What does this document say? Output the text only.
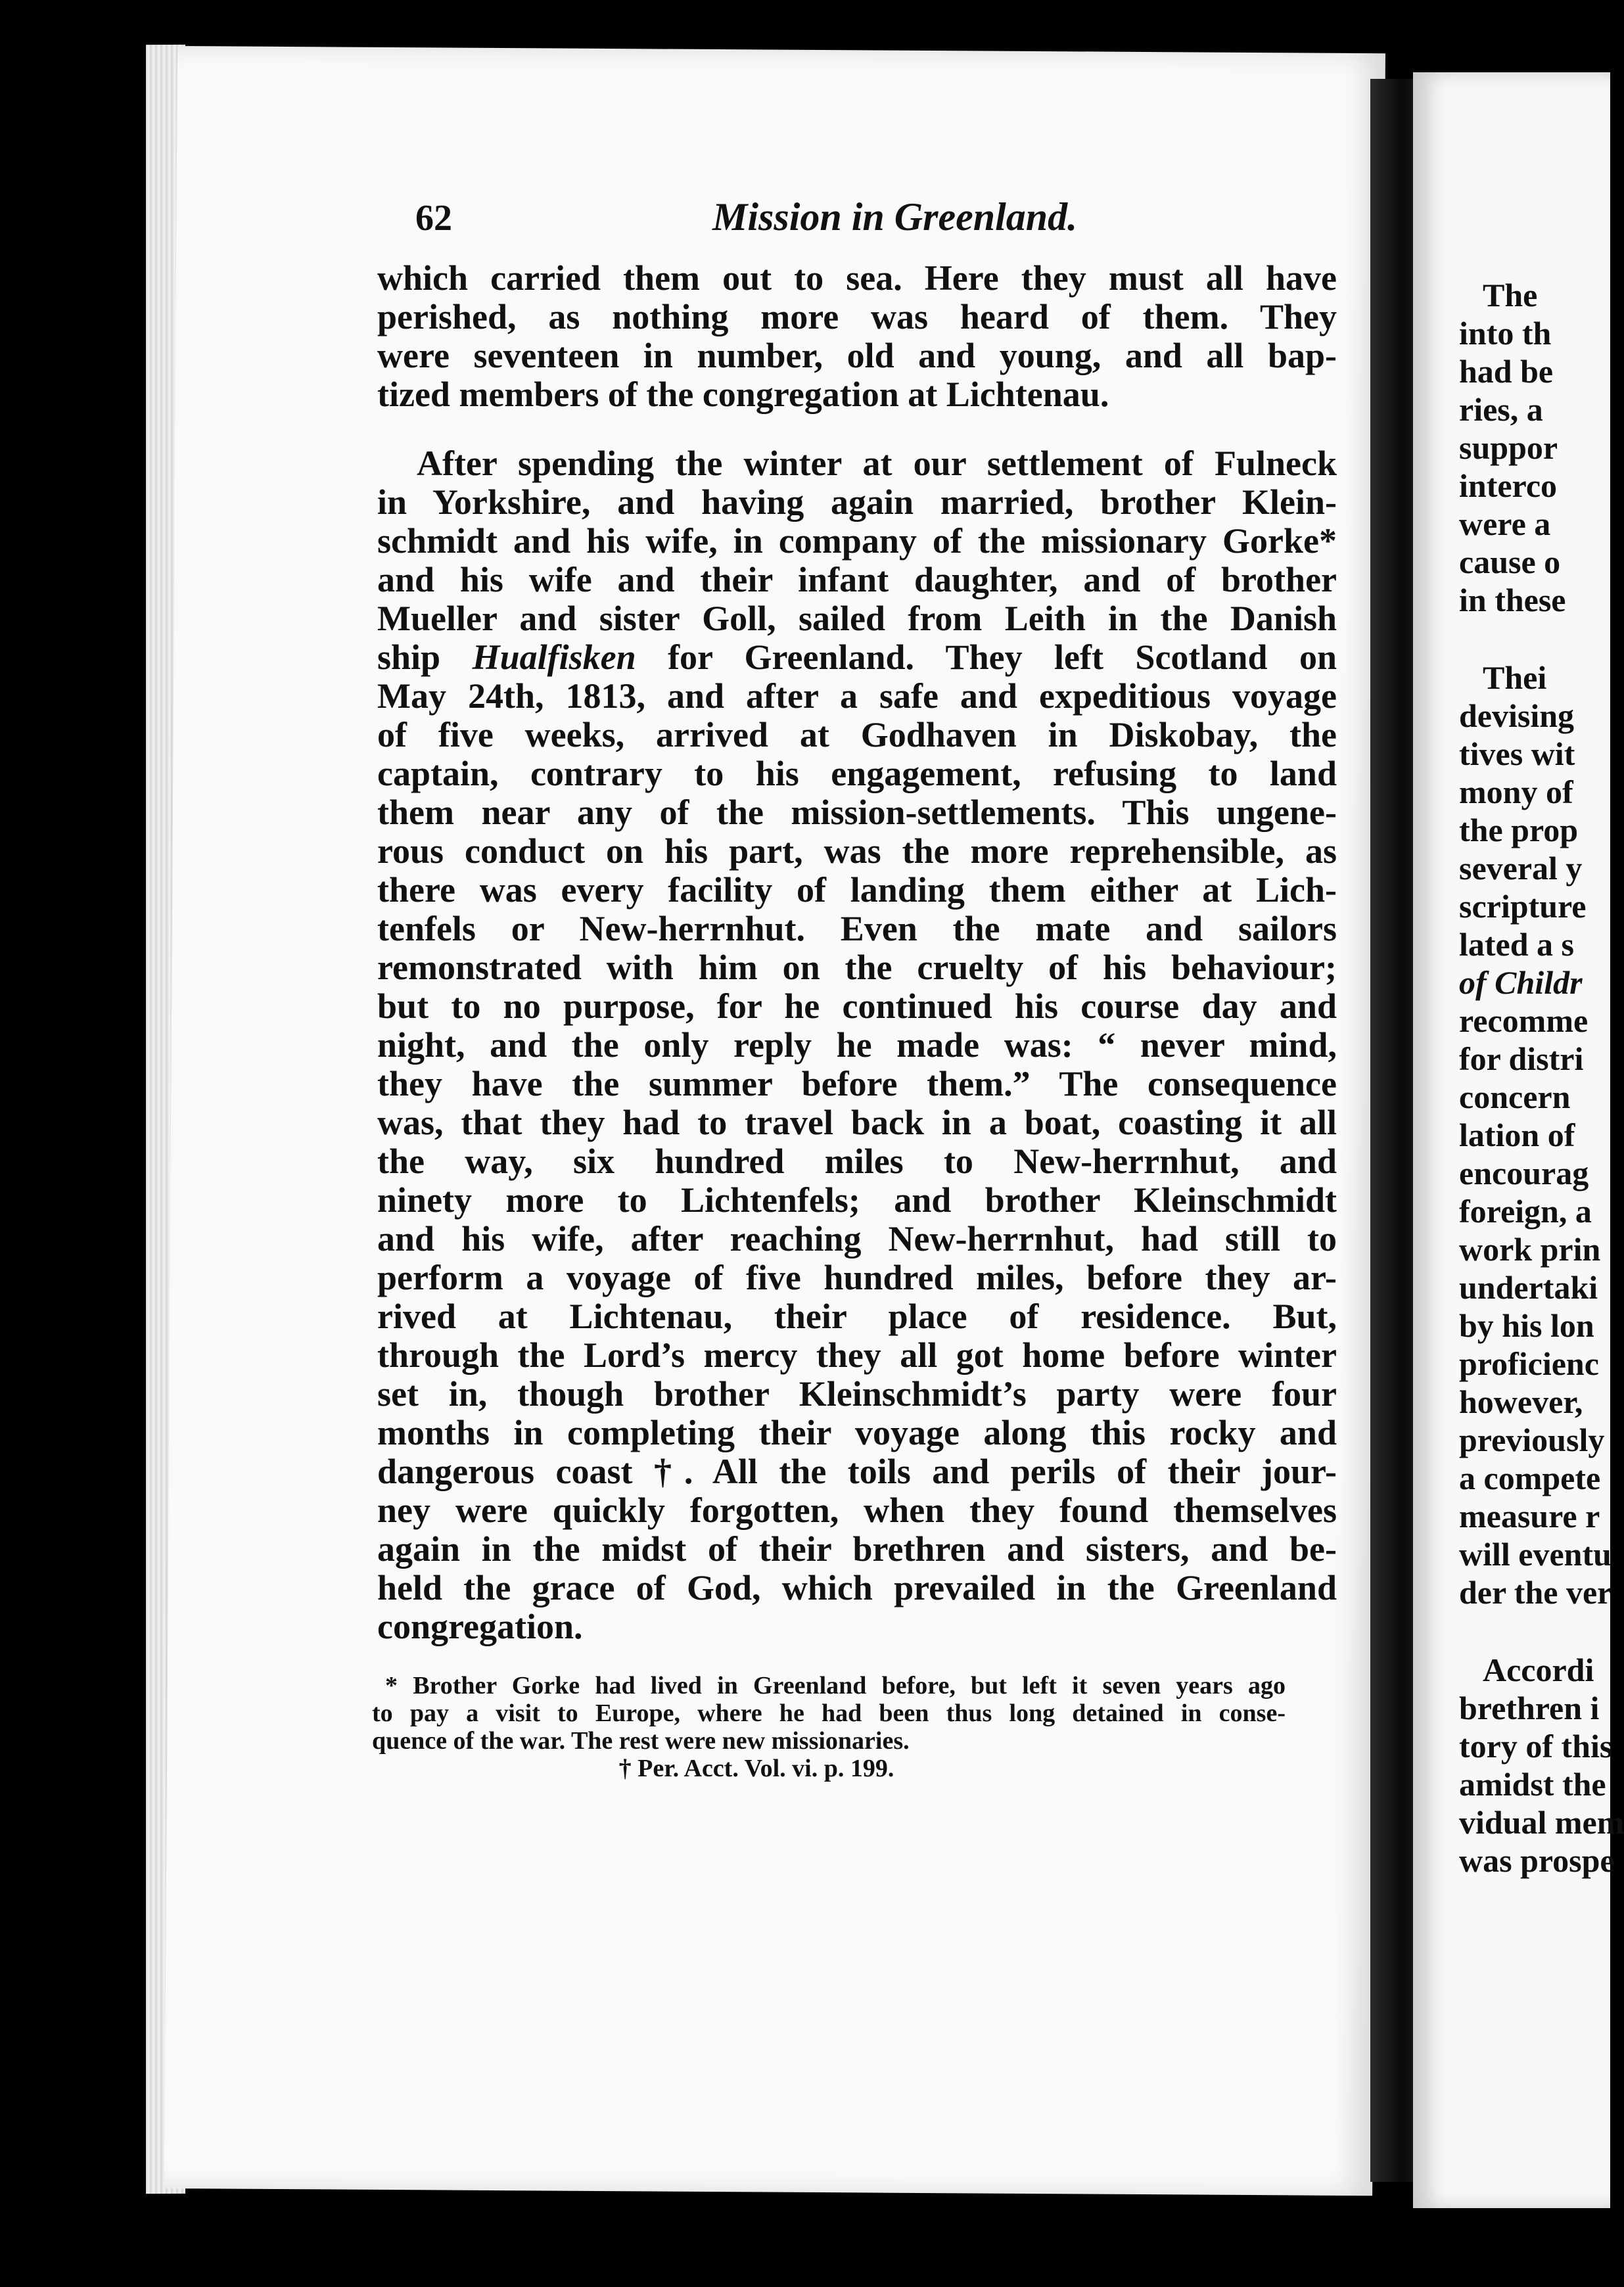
62	Mission in Greenland.
which carried them out to sea. Here they must all have
perished, as nothing more was heard of them. They
were seventeen in number, old and young, and all bap-
tized members of the congregation at Lichtenau.
After spending the winter at our settlement of Fulneck
in Yorkshire, and having again married, brother Klein-
schmidt and his wife, in company of the missionary Gorke*
and his wife and their infant daughter, and of brother
Mueller and sister Goll, sailed from Leith in the Danish
ship Hualfisken for Greenland. They left Scotland on
May 24th, 1813, and after a safe and expeditious voyage
of five weeks, arrived at Godhaven in Diskobay, the
captain, contrary to his engagement, refusing to land
them near any of the mission-settlements. This ungene-
rous conduct on his part, was the more reprehensible, as
there was every facility of landing them either at Lich-
tenfels or New-herrnhut. Even the mate and sailors
remonstrated with him on the cruelty of his behaviour;
but to no purpose, for he continued his course day and
night, and the only reply he made was: “ never mind,
they have the summer before them.” The consequence
was, that they had to travel back in a boat, coasting it all
the way, six hundred miles to New-herrnhut, and
ninety more to Lichtenfels; and brother Kleinschmidt
and his wife, after reaching New-herrnhut, had still to
perform a voyage of five hundred miles, before they ar-
rived at Lichtenau, their place of residence. But,
through the Lord’s mercy they all got home before winter
set in, though brother Kleinschmidt’s party were four
months in completing their voyage along this rocky and
dangerous coast †. All the toils and perils of their jour-
ney were quickly forgotten, when they found themselves
again in the midst of their brethren and sisters, and be-
held the grace of God, which prevailed in the Greenland
congregation.
* Brother Gorke had lived in Greenland before, but left it seven years ago
to pay a visit to Europe, where he had been thus long detained in conse-
quence of the war. The rest were new missionaries.
† Per. Acct. Vol. vi. p. 199.
The
into th
had be
ries, a
suppor
interco
were a
cause o
in these
Thei
devising
tives wit
mony of
the prop
several y
scripture
lated a s
of Childr
recomme
for distri
concern
lation of
encourag
foreign, a
work prin
undertaki
by his lon
proficienc
however,
previously
a compete
measure r
will eventu
der the ver
Accordi
brethren i
tory of this
amidst the
vidual mem
was prospe
